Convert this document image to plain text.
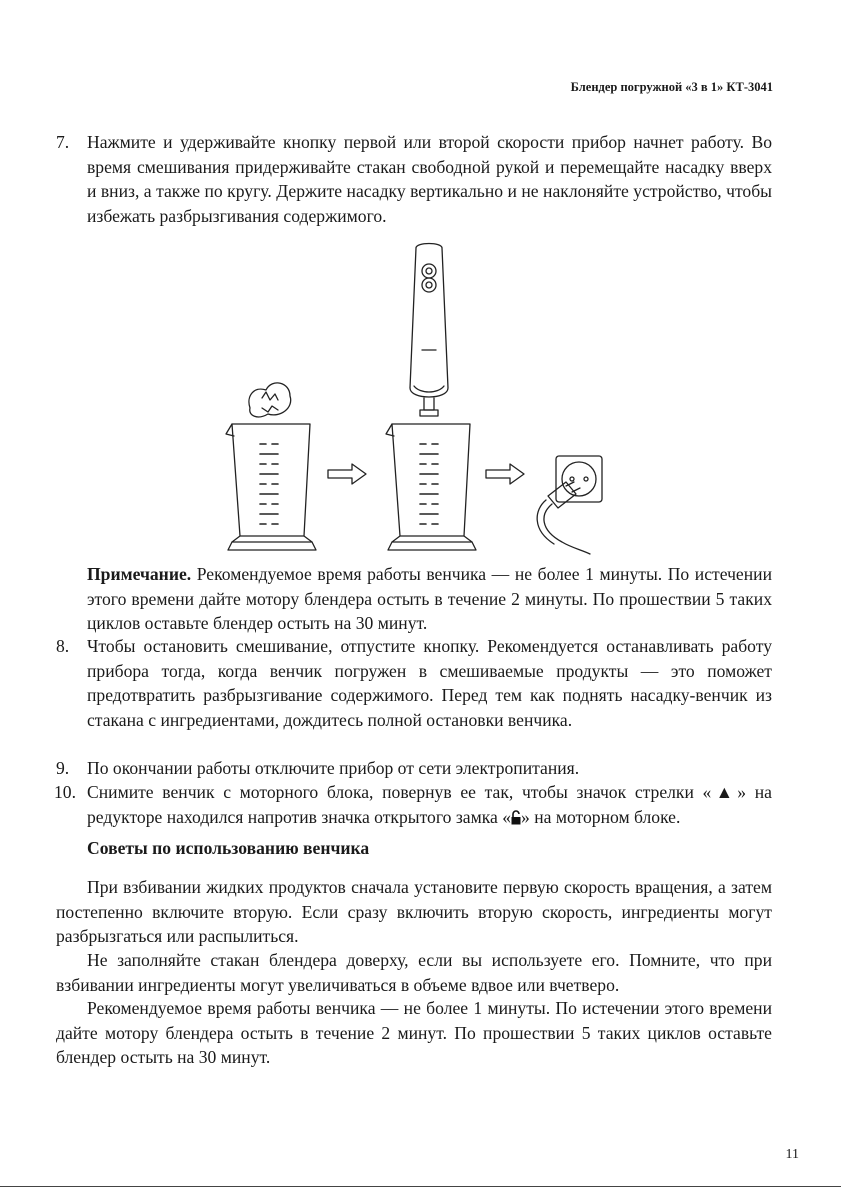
Блендер погружной «3 в 1» КТ-3041
7. Нажмите и удерживайте кнопку первой или второй скорости прибор начнет работу. Во время смешивания придерживайте стакан свободной рукой и перемещайте насадку вверх и вниз, а также по кругу. Держите насадку вертикально и не наклоняйте устройство, чтобы избежать разбрызгивания содержимого.
Примечание. Рекомендуемое время работы венчика — не более 1 минуты. По истечении этого времени дайте мотору блендера остыть в течение 2 минуты. По прошествии 5 таких циклов оставьте блендер остыть на 30 минут.
8. Чтобы остановить смешивание, отпустите кнопку. Рекомендуется останавливать работу прибора тогда, когда венчик погружен в смешиваемые продукты — это поможет предотвратить разбрызгивание содержимого. Перед тем как поднять насадку-венчик из стакана с ингредиентами, дождитесь полной остановки венчика.
9. По окончании работы отключите прибор от сети электропитания.
10. Снимите венчик с моторного блока, повернув ее так, чтобы значок стрелки «▲» на редукторе находился напротив значка открытого замка « » на моторном блоке.
Советы по использованию венчика
При взбивании жидких продуктов сначала установите первую скорость вращения, а затем постепенно включите вторую. Если сразу включить вторую скорость, ингредиенты могут разбрызгаться или распылиться.
Не заполняйте стакан блендера доверху, если вы используете его. Помните, что при взбивании ингредиенты могут увеличиваться в объеме вдвое или вчетверо.
Рекомендуемое время работы венчика — не более 1 минуты. По истечении этого времени дайте мотору блендера остыть в течение 2 минут. По прошествии 5 таких циклов оставьте блендер остыть на 30 минут.
11
